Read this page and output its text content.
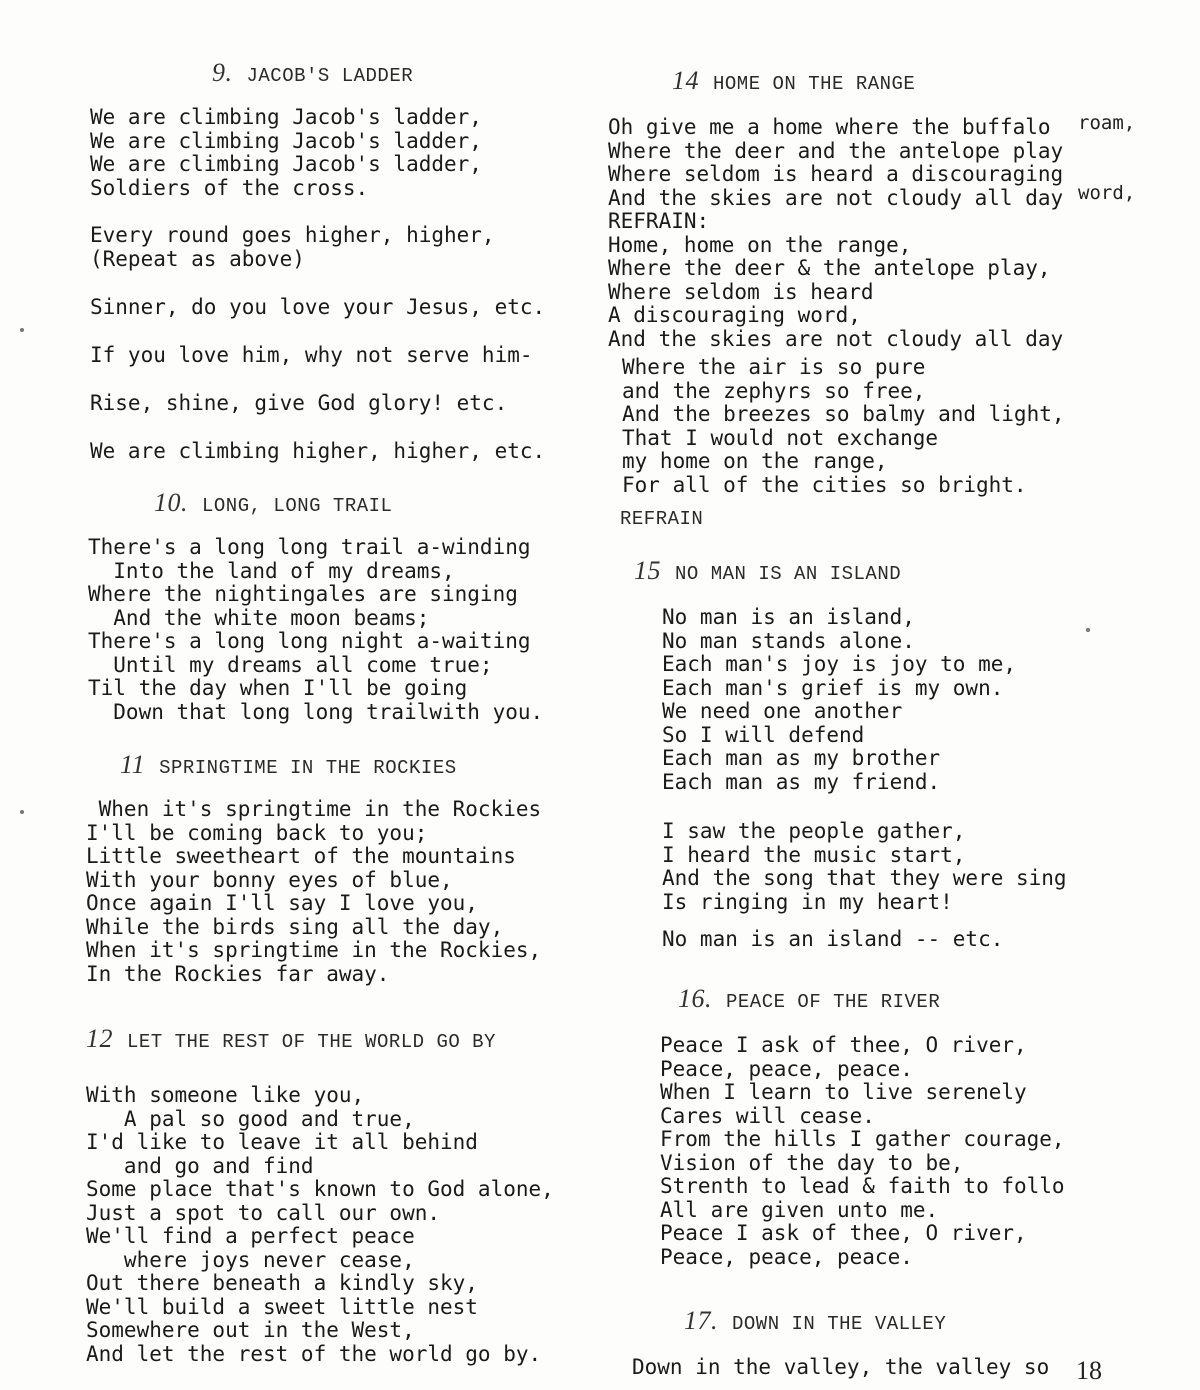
9. JACOB'S LADDER
We are climbing Jacob's ladder,
We are climbing Jacob's ladder,
We are climbing Jacob's ladder,
Soldiers of the cross.
Every round goes higher, higher,
(Repeat as above)
Sinner, do you love your Jesus, etc.
If you love him, why not serve him-
Rise, shine, give God glory! etc.
We are climbing higher, higher, etc.
10. LONG, LONG TRAIL
There's a long long trail a-winding
Into the land of my dreams,
Where the nightingales are singing
And the white moon beams;
There's a long long night a-waiting
Until my dreams all come true;
Til the day when I'll be going
Down that long long trailwith you.
11 SPRINGTIME IN THE ROCKIES
When it's springtime in the Rockies
I'll be coming back to you;
Little sweetheart of the mountains
With your bonny eyes of blue,
Once again I'll say I love you,
While the birds sing all the day,
When it's springtime in the Rockies,
In the Rockies far away.
12 LET THE REST OF THE WORLD GO BY
With someone like you,
A pal so good and true,
I'd like to leave it all behind
and go and find
Some place that's known to God alone,
Just a spot to call our own.
We'll find a perfect peace
where joys never cease,
Out there beneath a kindly sky,
We'll build a sweet little nest
Somewhere out in the West,
And let the rest of the world go by.
14 HOME ON THE RANGE
Oh give me a home where the buffalo
Where the deer and the antelope play
Where seldom is heard a discouraging
And the skies are not cloudy all day
REFRAIN:
Home, home on the range,
Where the deer & the antelope play,
Where seldom is heard
A discouraging word,
And the skies are not cloudy all day
roam,
word,
Where the air is so pure
and the zephyrs so free,
And the breezes so balmy and light,
That I would not exchange
my home on the range,
For all of the cities so bright.
REFRAIN
15 NO MAN IS AN ISLAND
No man is an island,
No man stands alone.
Each man's joy is joy to me,
Each man's grief is my own.
We need one another
So I will defend
Each man as my brother
Each man as my friend.
I saw the people gather,
I heard the music start,
And the song that they were sing
Is ringing in my heart!
No man is an island -- etc.
16. PEACE OF THE RIVER
Peace I ask of thee, O river,
Peace, peace, peace.
When I learn to live serenely
Cares will cease.
From the hills I gather courage,
Vision of the day to be,
Strenth to lead & faith to follo
All are given unto me.
Peace I ask of thee, O river,
Peace, peace, peace.
17. DOWN IN THE VALLEY
Down in the valley, the valley so 18
